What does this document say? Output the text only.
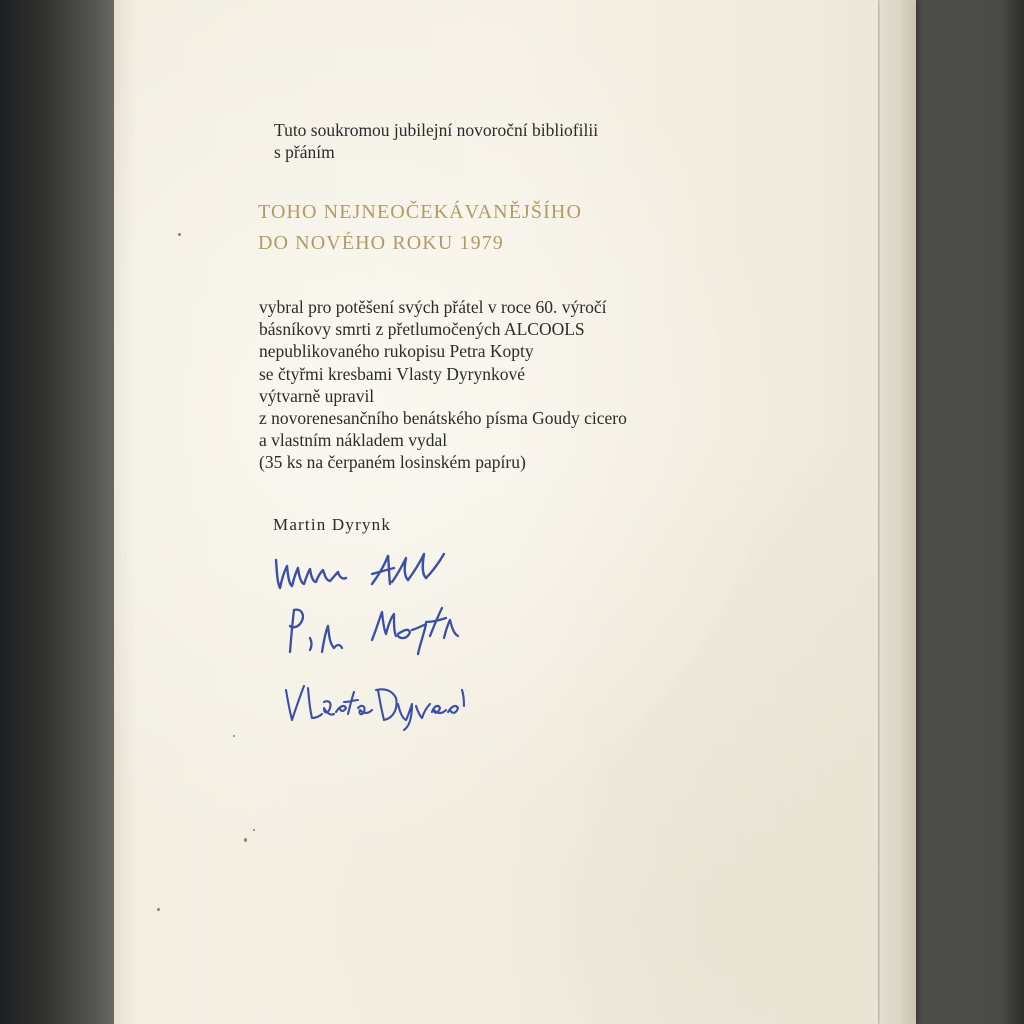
Tuto soukromou jubilejní novoroční bibliofilii
s přáním
TOHO NEJNEOČEKÁVANĚJŠÍHO
DO NOVÉHO ROKU 1979
vybral pro potěšení svých přátel v roce 60. výročí
básníkovy smrti z přetlumočených ALCOOLS
nepublikovaného rukopisu Petra Kopty
se čtyřmi kresbami Vlasty Dyrynkové
výtvarně upravil
z novorenesančního benátského písma Goudy cicero
a vlastním nákladem vydal
(35 ks na čerpaném losinském papíru)
Martin Dyrynk
